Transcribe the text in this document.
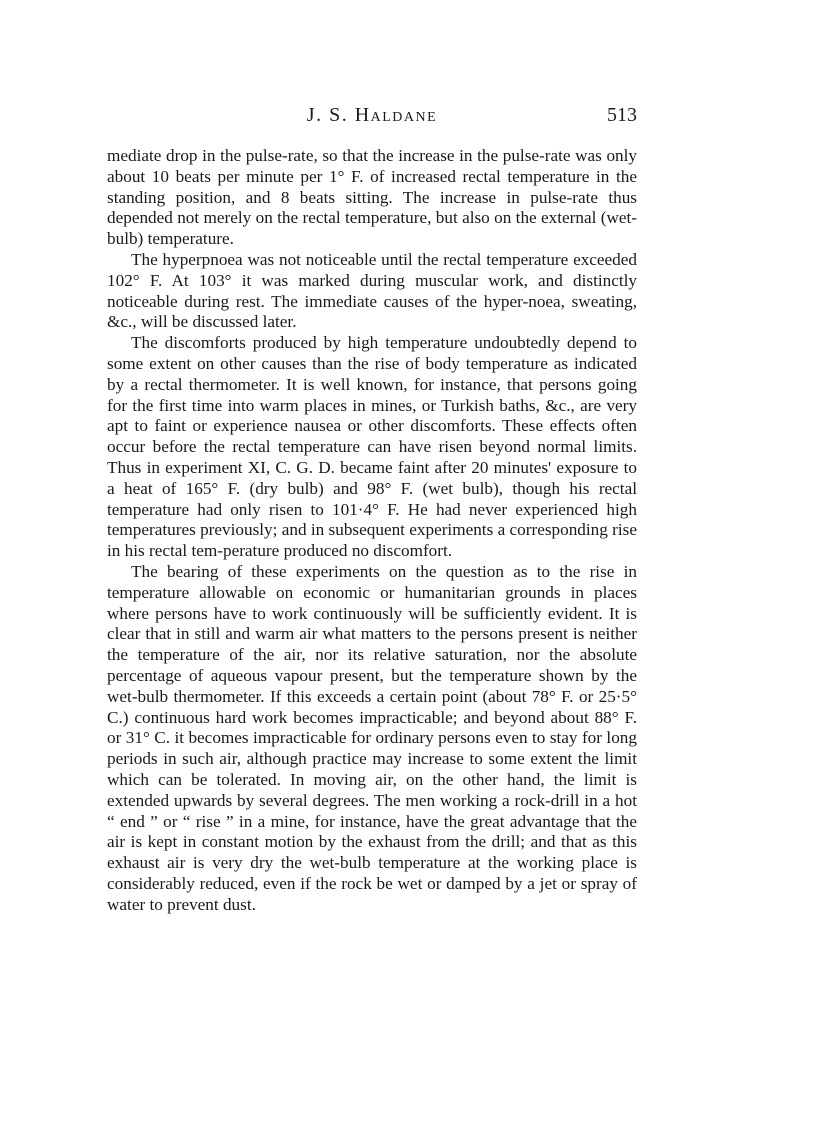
J. S. Haldane	513

mediate drop in the pulse-rate, so that the increase in the pulse-rate was only about 10 beats per minute per 1° F. of increased rectal temperature in the standing position, and 8 beats sitting. The increase in pulse-rate thus depended not merely on the rectal temperature, but also on the external (wet-bulb) temperature.

The hyperpnoea was not noticeable until the rectal temperature exceeded 102° F. At 103° it was marked during muscular work, and distinctly noticeable during rest. The immediate causes of the hyper-noea, sweating, &c., will be discussed later.

The discomforts produced by high temperature undoubtedly depend to some extent on other causes than the rise of body temperature as indicated by a rectal thermometer. It is well known, for instance, that persons going for the first time into warm places in mines, or Turkish baths, &c., are very apt to faint or experience nausea or other discomforts. These effects often occur before the rectal temperature can have risen beyond normal limits. Thus in experiment XI, C. G. D. became faint after 20 minutes' exposure to a heat of 165° F. (dry bulb) and 98° F. (wet bulb), though his rectal temperature had only risen to 101·4° F. He had never experienced high temperatures previously; and in subsequent experiments a corresponding rise in his rectal tem-perature produced no discomfort.

The bearing of these experiments on the question as to the rise in temperature allowable on economic or humanitarian grounds in places where persons have to work continuously will be sufficiently evident. It is clear that in still and warm air what matters to the persons present is neither the temperature of the air, nor its relative saturation, nor the absolute percentage of aqueous vapour present, but the temperature shown by the wet-bulb thermometer. If this exceeds a certain point (about 78° F. or 25·5° C.) continuous hard work becomes impracticable; and beyond about 88° F. or 31° C. it becomes impracticable for ordinary persons even to stay for long periods in such air, although practice may increase to some extent the limit which can be tolerated. In moving air, on the other hand, the limit is extended upwards by several degrees. The men working a rock-drill in a hot “ end ” or “ rise ” in a mine, for instance, have the great advantage that the air is kept in constant motion by the exhaust from the drill; and that as this exhaust air is very dry the wet-bulb temperature at the working place is considerably reduced, even if the rock be wet or damped by a jet or spray of water to prevent dust.
